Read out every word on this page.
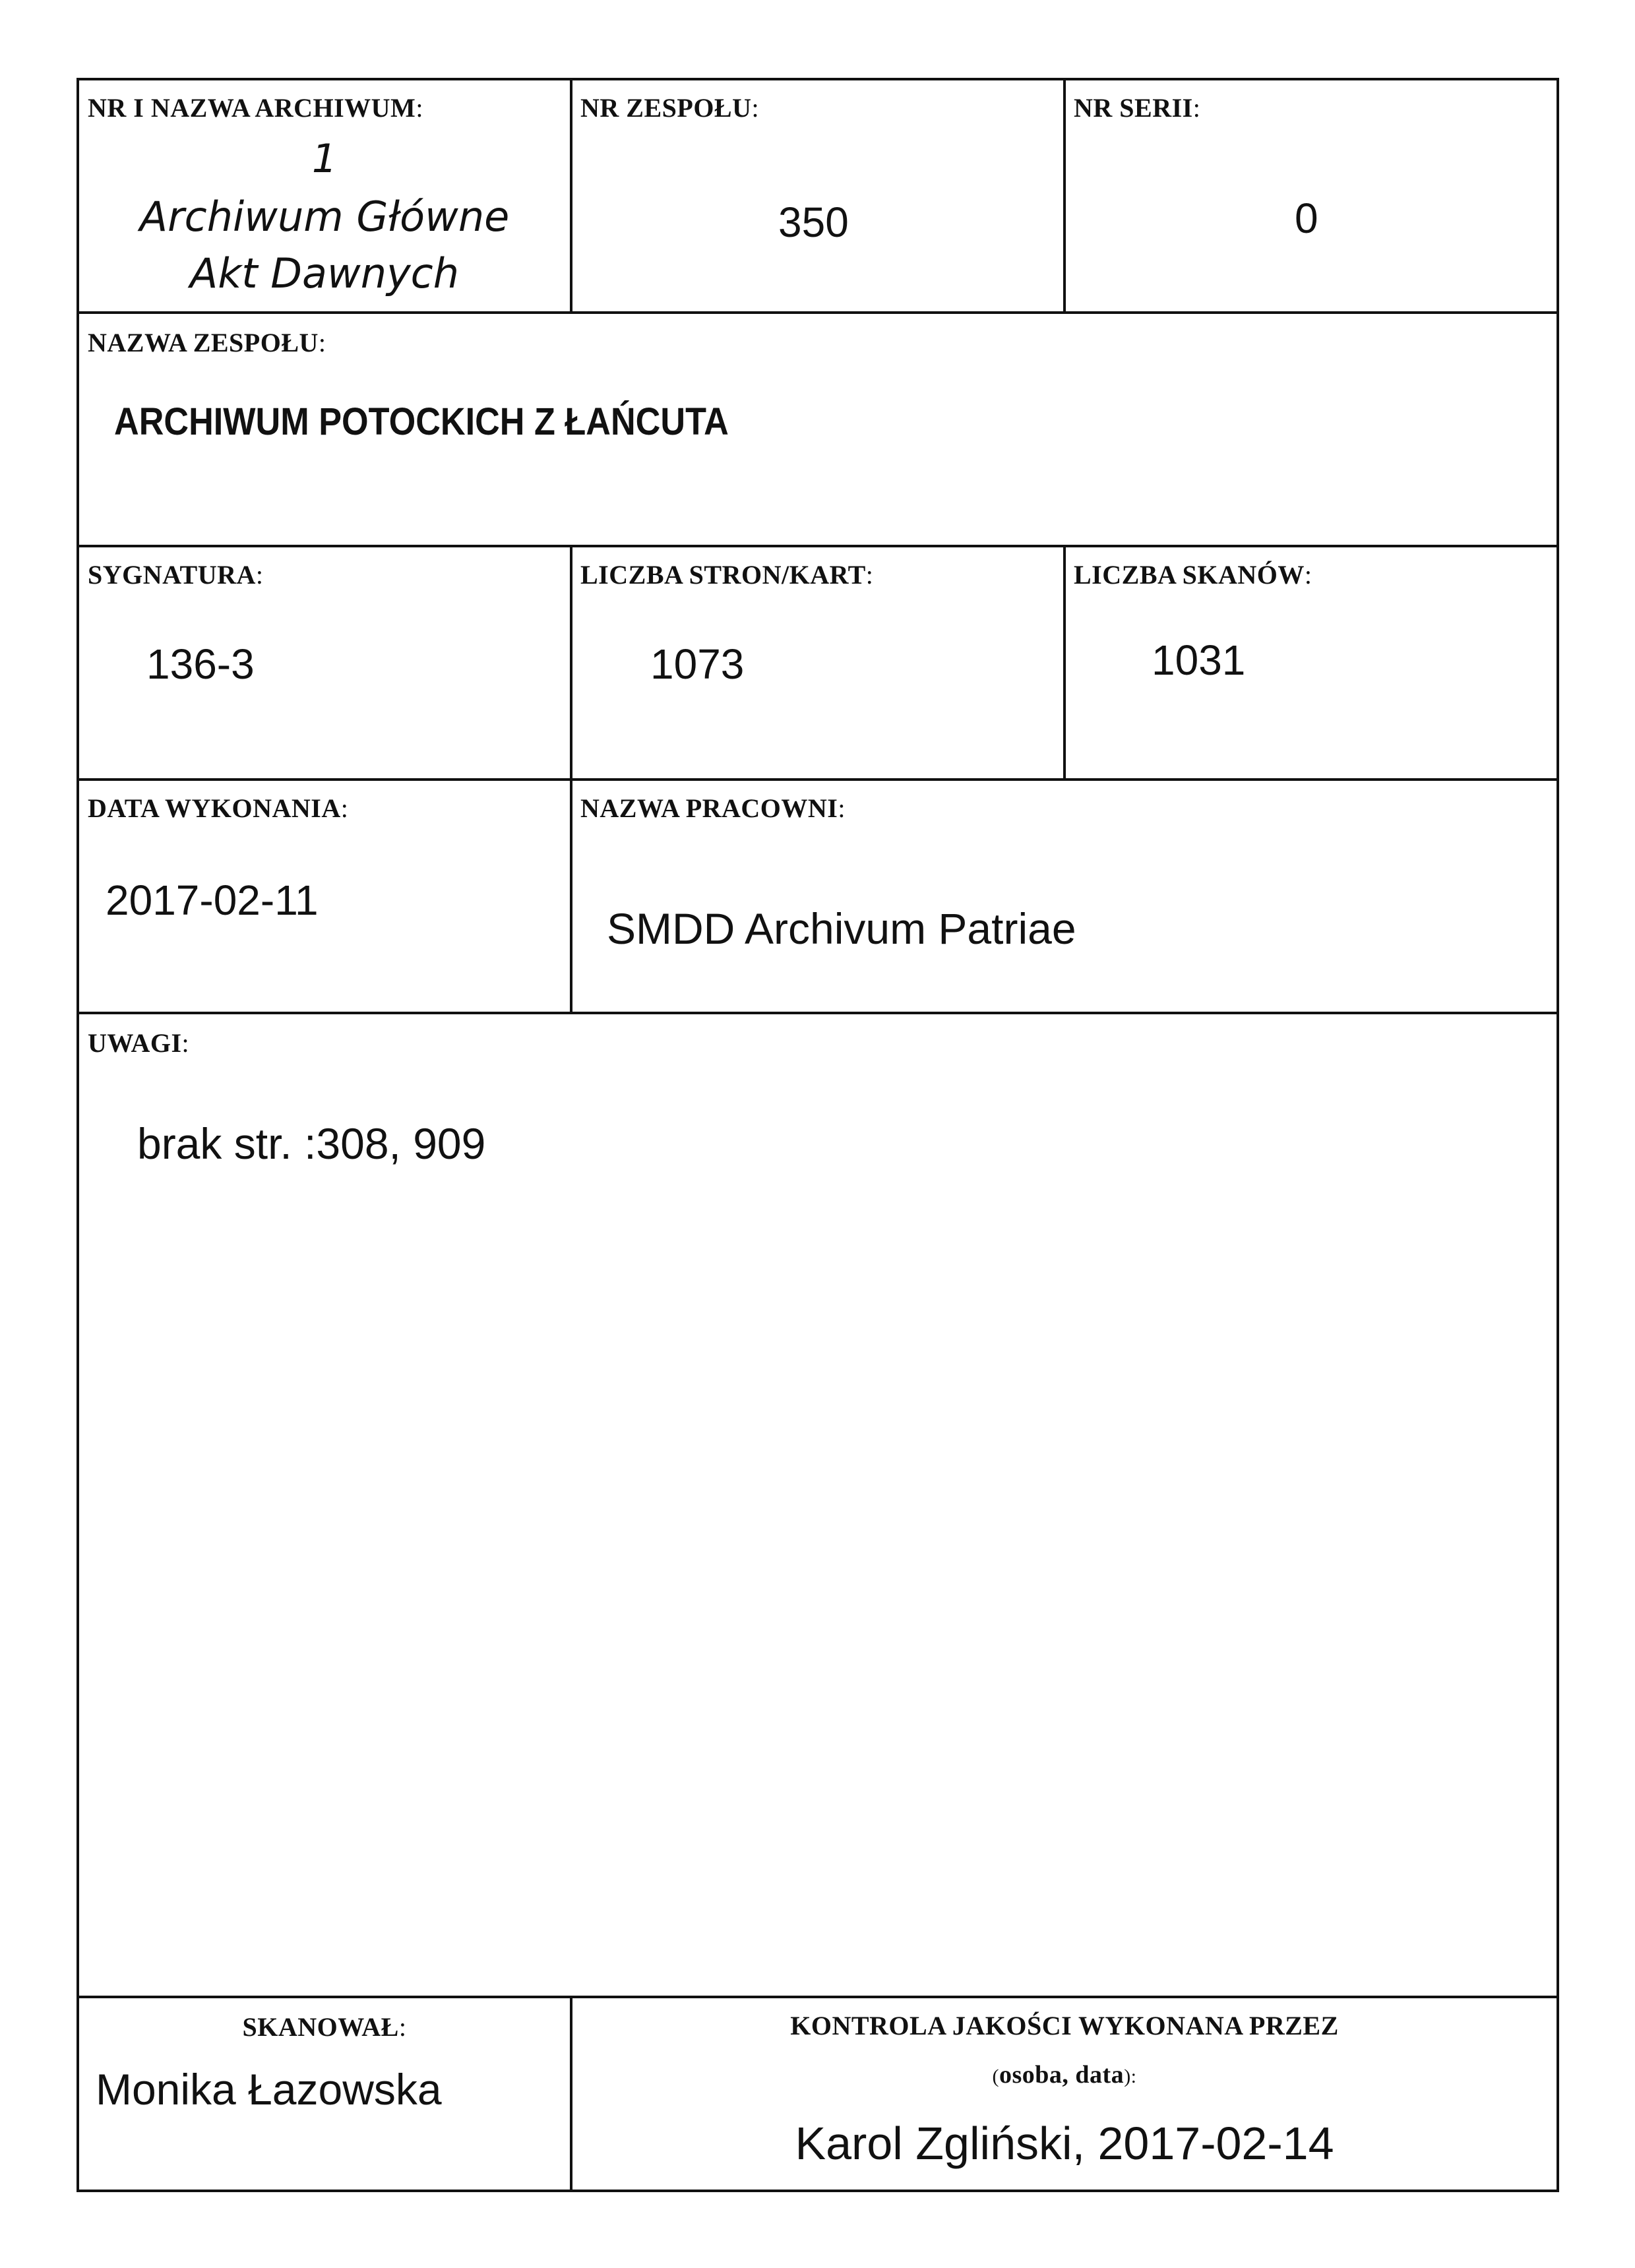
NR I NAZWA ARCHIWUM:
1
Archiwum Główne
Akt Dawnych
NR ZESPOŁU:
350
NR SERII:
0
NAZWA ZESPOŁU:
ARCHIWUM POTOCKICH Z ŁAŃCUTA
SYGNATURA:
136-3
LICZBA STRON/KART:
1073
LICZBA SKANÓW:
1031
DATA WYKONANIA:
2017-02-11
NAZWA PRACOWNI:
SMDD Archivum Patriae
UWAGI:
brak str. :308, 909
SKANOWAŁ:
Monika Łazowska
KONTROLA JAKOŚCI WYKONANA PRZEZ
(osoba, data):
Karol Zgliński, 2017-02-14
